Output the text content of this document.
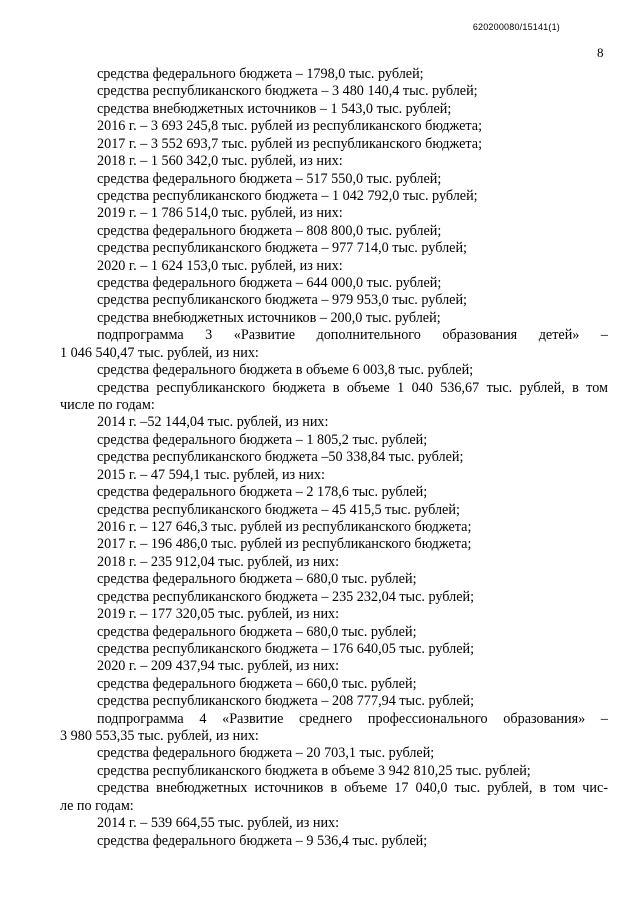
620200080/15141(1)
8

средства федерального бюджета – 1798,0 тыс. рублей;

средства республиканского бюджета – 3 480 140,4 тыс. рублей;

средства внебюджетных источников – 1 543,0 тыс. рублей;

2016 г. – 3 693 245,8 тыс. рублей из республиканского бюджета;

2017 г. – 3 552 693,7 тыс. рублей из республиканского бюджета;

2018 г. – 1 560 342,0 тыс. рублей, из них:

средства федерального бюджета – 517 550,0 тыс. рублей;

средства республиканского бюджета – 1 042 792,0 тыс. рублей;

2019 г. – 1 786 514,0 тыс. рублей, из них:

средства федерального бюджета – 808 800,0 тыс. рублей;

средства республиканского бюджета – 977 714,0 тыс. рублей;

2020 г. – 1 624 153,0 тыс. рублей, из них:

средства федерального бюджета – 644 000,0 тыс. рублей;

средства республиканского бюджета – 979 953,0 тыс. рублей;

средства внебюджетных источников – 200,0 тыс. рублей;

подпрограмма 3 «Развитие дополнительного образования детей» –

1 046 540,47 тыс. рублей, из них:

средства федерального бюджета в объеме 6 003,8 тыс. рублей;

средства республиканского бюджета в объеме 1 040 536,67 тыс. рублей, в том

числе по годам:

2014 г. –52 144,04 тыс. рублей, из них:

средства федерального бюджета – 1 805,2 тыс. рублей;

средства республиканского бюджета –50 338,84 тыс. рублей;

2015 г. – 47 594,1 тыс. рублей, из них:

средства федерального бюджета – 2 178,6 тыс. рублей;

средства республиканского бюджета – 45 415,5 тыс. рублей;

2016 г. – 127 646,3 тыс. рублей из республиканского бюджета;

2017 г. – 196 486,0 тыс. рублей из республиканского бюджета;

2018 г. – 235 912,04 тыс. рублей, из них:

средства федерального бюджета – 680,0 тыс. рублей;

средства республиканского бюджета – 235 232,04 тыс. рублей;

2019 г. – 177 320,05 тыс. рублей, из них:

средства федерального бюджета – 680,0 тыс. рублей;

средства республиканского бюджета – 176 640,05 тыс. рублей;

2020 г. – 209 437,94 тыс. рублей, из них:

средства федерального бюджета – 660,0 тыс. рублей;

средства республиканского бюджета – 208 777,94 тыс. рублей;

подпрограмма 4 «Развитие среднего профессионального образования» –

3 980 553,35 тыс. рублей, из них:

средства федерального бюджета – 20 703,1 тыс. рублей;

средства республиканского бюджета в объеме 3 942 810,25 тыс. рублей;

средства внебюджетных источников в объеме 17 040,0 тыс. рублей, в том чис-

ле по годам:

2014 г. – 539 664,55 тыс. рублей, из них:

средства федерального бюджета – 9 536,4 тыс. рублей;
